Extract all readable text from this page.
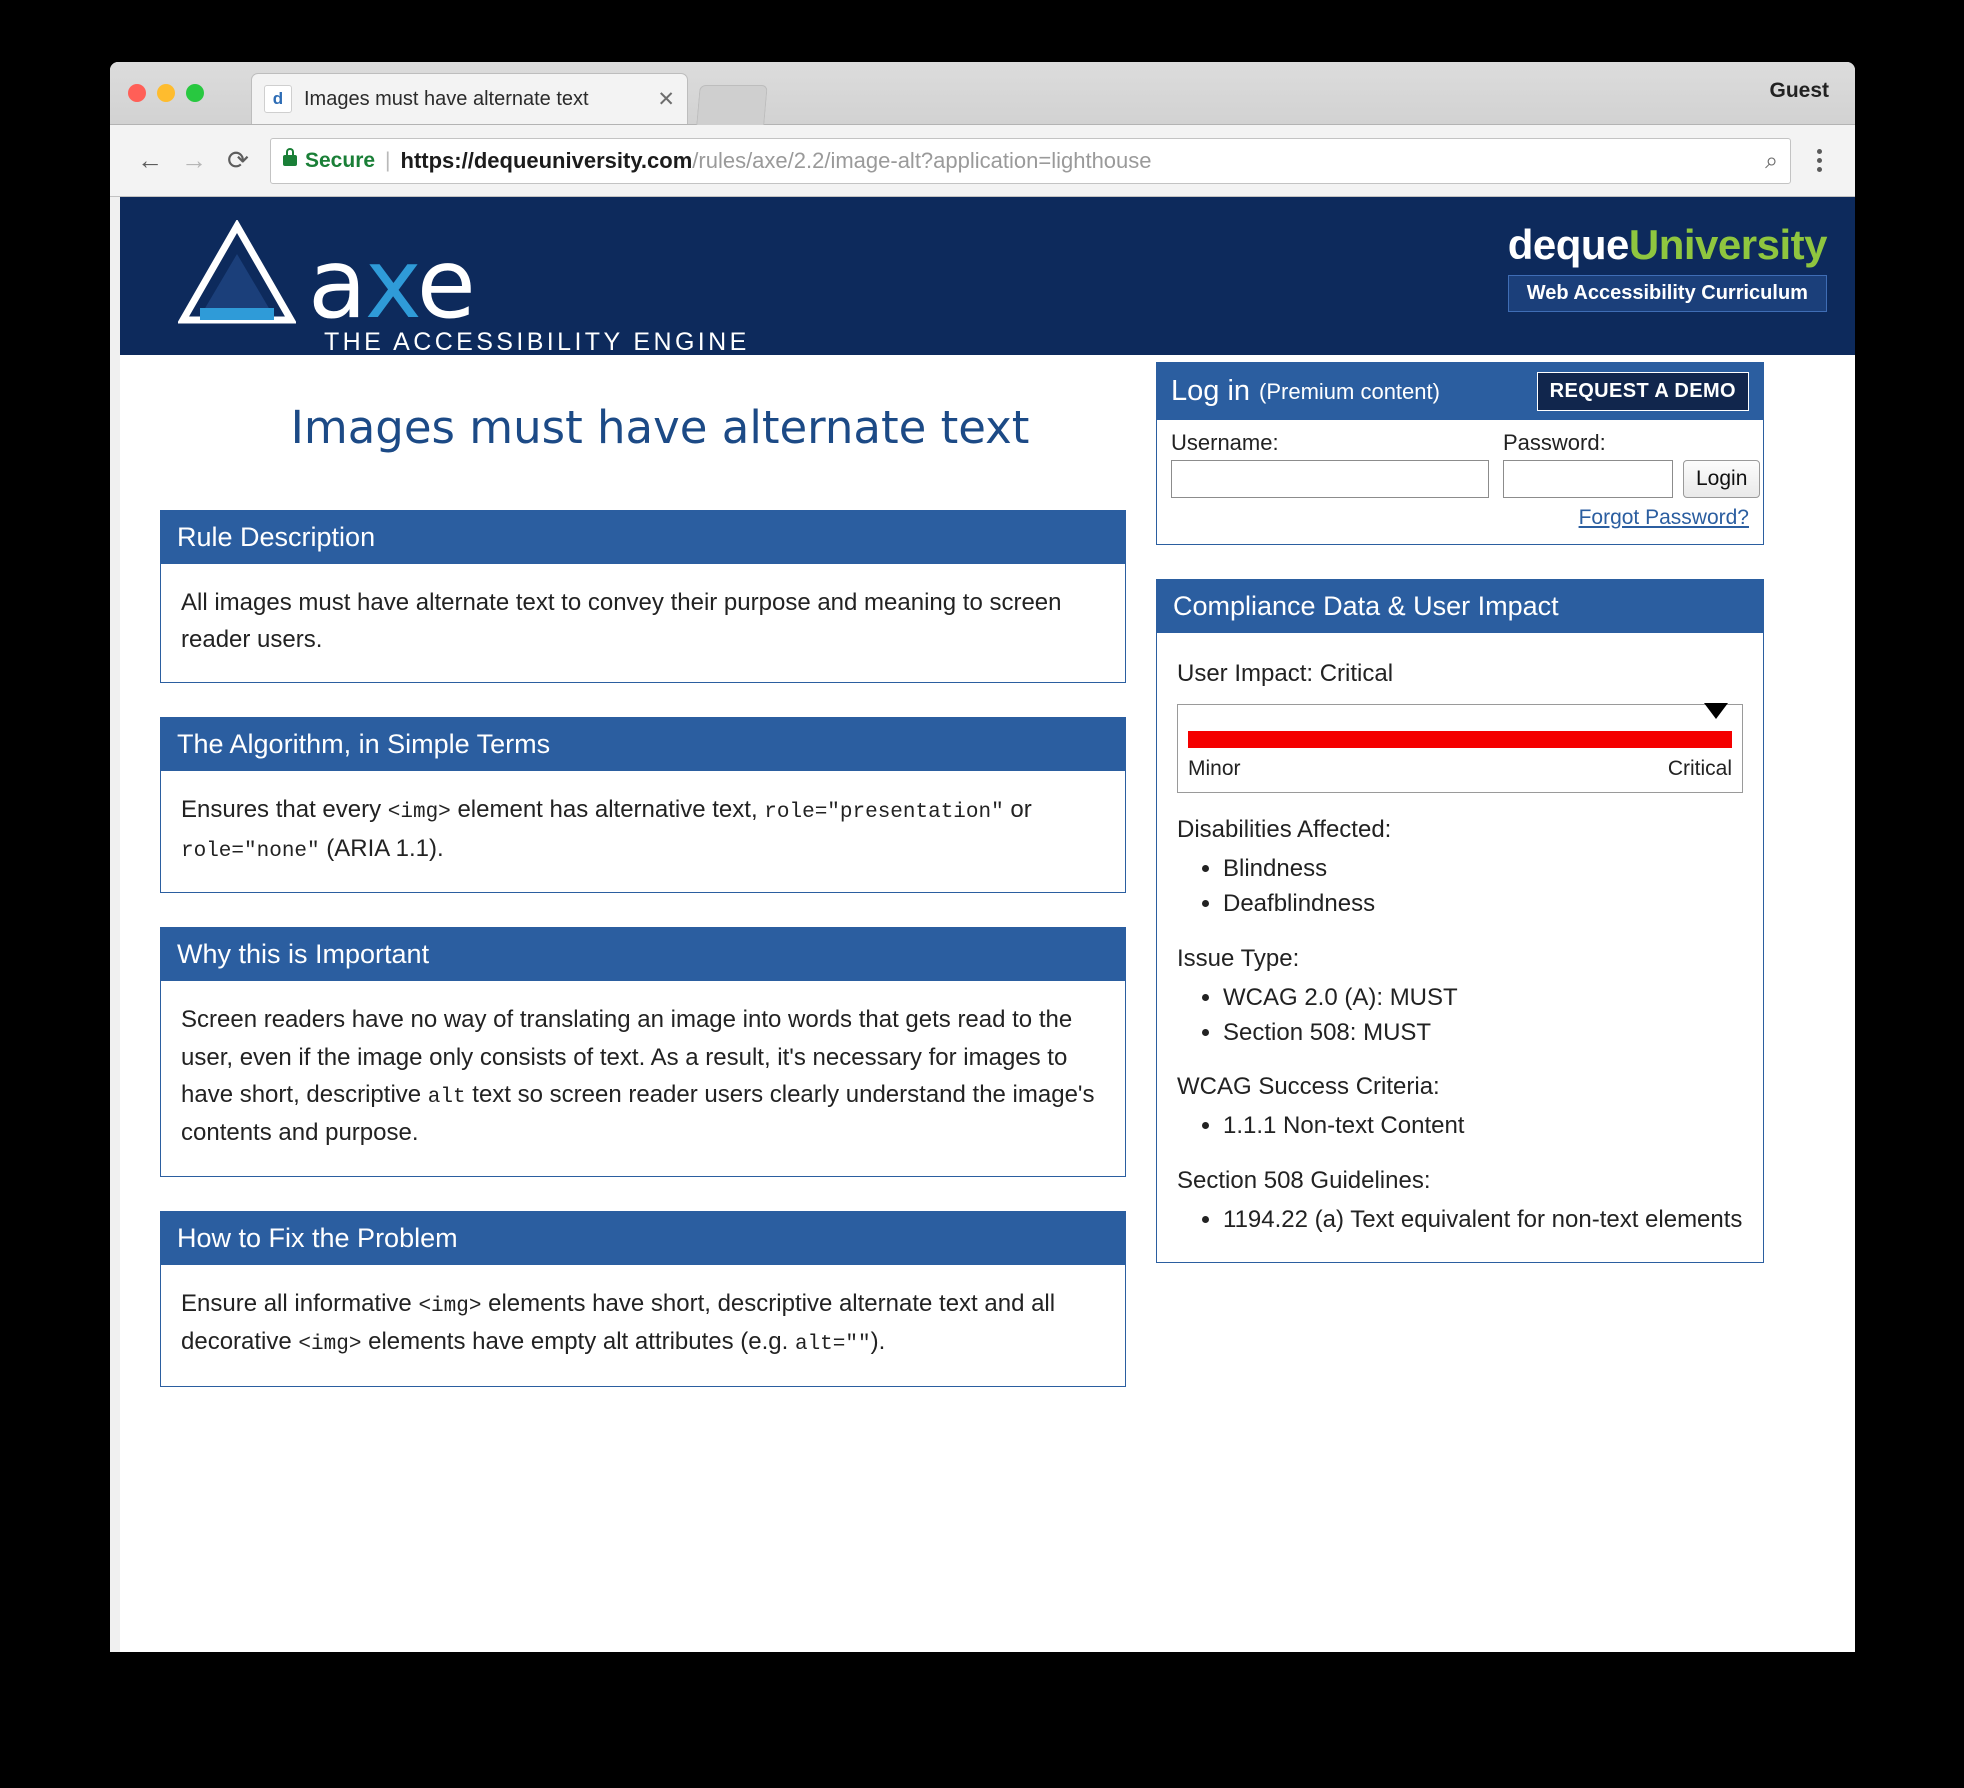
d	Images must have alternate text	✕	Guest
← → ⟳	Secure | https://dequeuniversity.com/rules/axe/2.2/image-alt?application=lighthouse	⌕
axe
THE ACCESSIBILITY ENGINE
dequeUniversity
Web Accessibility Curriculum
Images must have alternate text
Rule Description
All images must have alternate text to convey their purpose and meaning to screen reader users.
The Algorithm, in Simple Terms
Ensures that every <img> element has alternative text, role="presentation" or role="none" (ARIA 1.1).
Why this is Important
Screen readers have no way of translating an image into words that gets read to the user, even if the image only consists of text. As a result, it's necessary for images to have short, descriptive alt text so screen reader users clearly understand the image's contents and purpose.
How to Fix the Problem
Ensure all informative <img> elements have short, descriptive alternate text and all decorative <img> elements have empty alt attributes (e.g. alt="").
Log in (Premium content)	REQUEST A DEMO
Username:	Password:
Login
Forgot Password?
Compliance Data & User Impact
User Impact: Critical
Minor	Critical
Disabilities Affected:
• Blindness
• Deafblindness
Issue Type:
• WCAG 2.0 (A): MUST
• Section 508: MUST
WCAG Success Criteria:
• 1.1.1 Non-text Content
Section 508 Guidelines:
• 1194.22 (a) Text equivalent for non-text elements
